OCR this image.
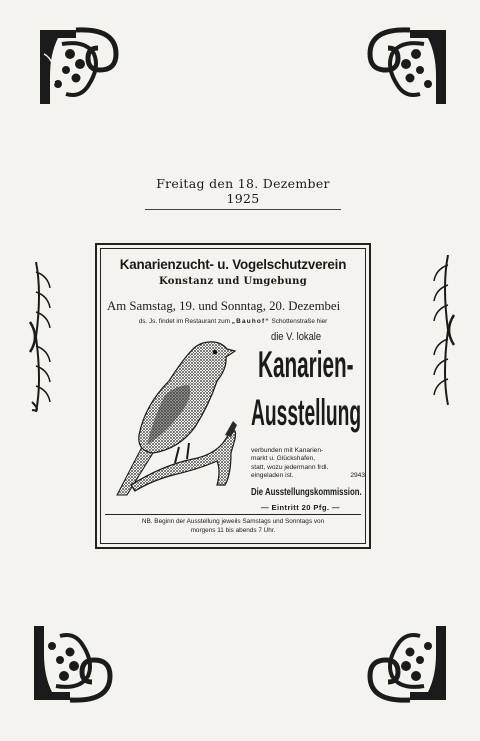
Freitag den 18. Dezember 1925
Kanarienzucht- u. Vogelschutzverein
Konstanz und Umgebung
Am Samstag, 19. und Sonntag, 20. Dezembei
ds. Js. findet im Restaurant zum „Bauhof“ Schottenstraße hier
die V. lokale
Kanarien-
Ausstellung
verbunden mit Kanarien-
markt u. Glückshafen,
statt, wozu jedermann frdl.
eingeladen ist.	2943
Die Ausstellungskommission.
— Eintritt 20 Pfg. —
NB. Beginn der Ausstellung jeweils Samstags und Sonntags von
morgens 11 bis abends 7 Uhr.
